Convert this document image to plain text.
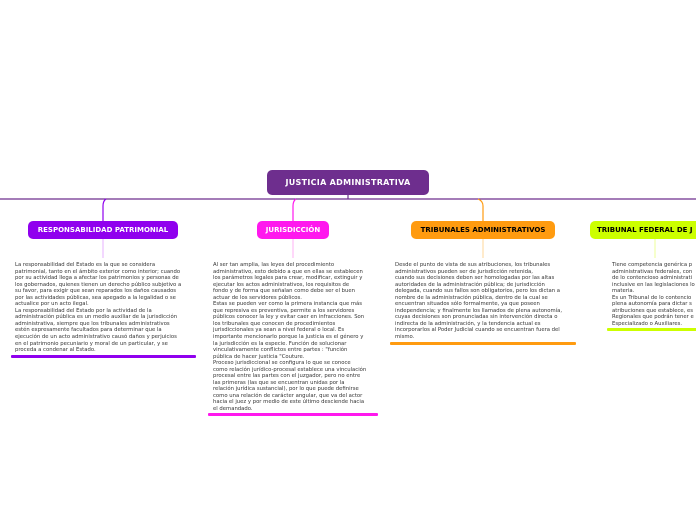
JUSTICIA ADMINISTRATIVA
RESPONSABILIDAD PATRIMONIAL	JURISDICCIÓN	TRIBUNALES ADMINISTRATIVOS	TRIBUNAL FEDERAL DE J
La responsabilidad del Estado es la que se considera
patrimonial, tanto en el ámbito exterior como interior; cuando
por su actividad llega a afectar los patrimonios y personas de
los gobernados, quienes tienen un derecho público subjetivo a
su favor, para exigir que sean reparados los daños causados
por las actividades públicas, sea apegado a la legalidad o se
actualice por un acto ilegal.
La responsabilidad del Estado por la actividad de la
administración pública es un medio auxiliar de la jurisdicción
administrativa, siempre que los tribunales administrativos
estén expresamente facultados para determinar que la
ejecución de un acto administrativo causó daños y perjuicios
en el patrimonio pecuniario y moral de un particular, y se
proceda a condenar al Estado.
Al ser tan amplia, las leyes del procedimiento
administrativo, esto debido a que en ellas se establecen
los parámetros legales para crear, modificar, extinguir y
ejecutar los actos administrativos, los requisitos de
fondo y de forma que señalan como debe ser el buen
actuar de los servidores públicos.
Estas se pueden ver como la primera instancia que más
que represiva es preventiva, permite a los servidores
públicos conocer la ley y evitar caer en infracciones. Son
los tribunales que conocen de procedimientos
jurisdiccionales ya sean a nivel federal o local. Es
importante mencionarlo porque la justicia es el género y
la jurisdicción es la especie. Función de solucionar
vinculativamente conflictos entre partes : "función
pública de hacer justicia "Couture.
Proceso jurisdiccional se configura lo que se conoce
como relación jurídico-procesal establece una vinculación
procesal entre las partes con el juzgador, pero no entre
las primeras (las que se encuentran unidas por la
relación jurídica sustancial), por lo que puede definirse
como una relación de carácter angular, que va del actor
hacia el juez y por medio de este último desciende hacia
el demandado.
Desde el punto de vista de sus atribuciones, los tribunales
administrativos pueden ser de jurisdicción retenida,
cuando sus decisiones deben ser homologadas por las altas
autoridades de la administración pública; de jurisdicción
delegada, cuando sus fallos son obligatorios, pero los dictan a
nombre de la administración pública, dentro de la cual se
encuentran situados sólo formalmente, ya que poseen
independencia; y finalmente los llamados de plena autonomía,
cuyas decisiones son pronunciadas sin intervención directa o
indirecta de la administración, y la tendencia actual es
incorporarlos al Poder Judicial cuando se encuentran fuera del
mismo.
Tiene competencia genérica p
administrativas federales, con
de lo contencioso administrati
inclusive en las legislaciones lo
materia.
Es un Tribunal de lo contencio
plena autonomía para dictar s
atribuciones que establece, es
Regionales que podrán tener e
Especializado o Auxiliares.
